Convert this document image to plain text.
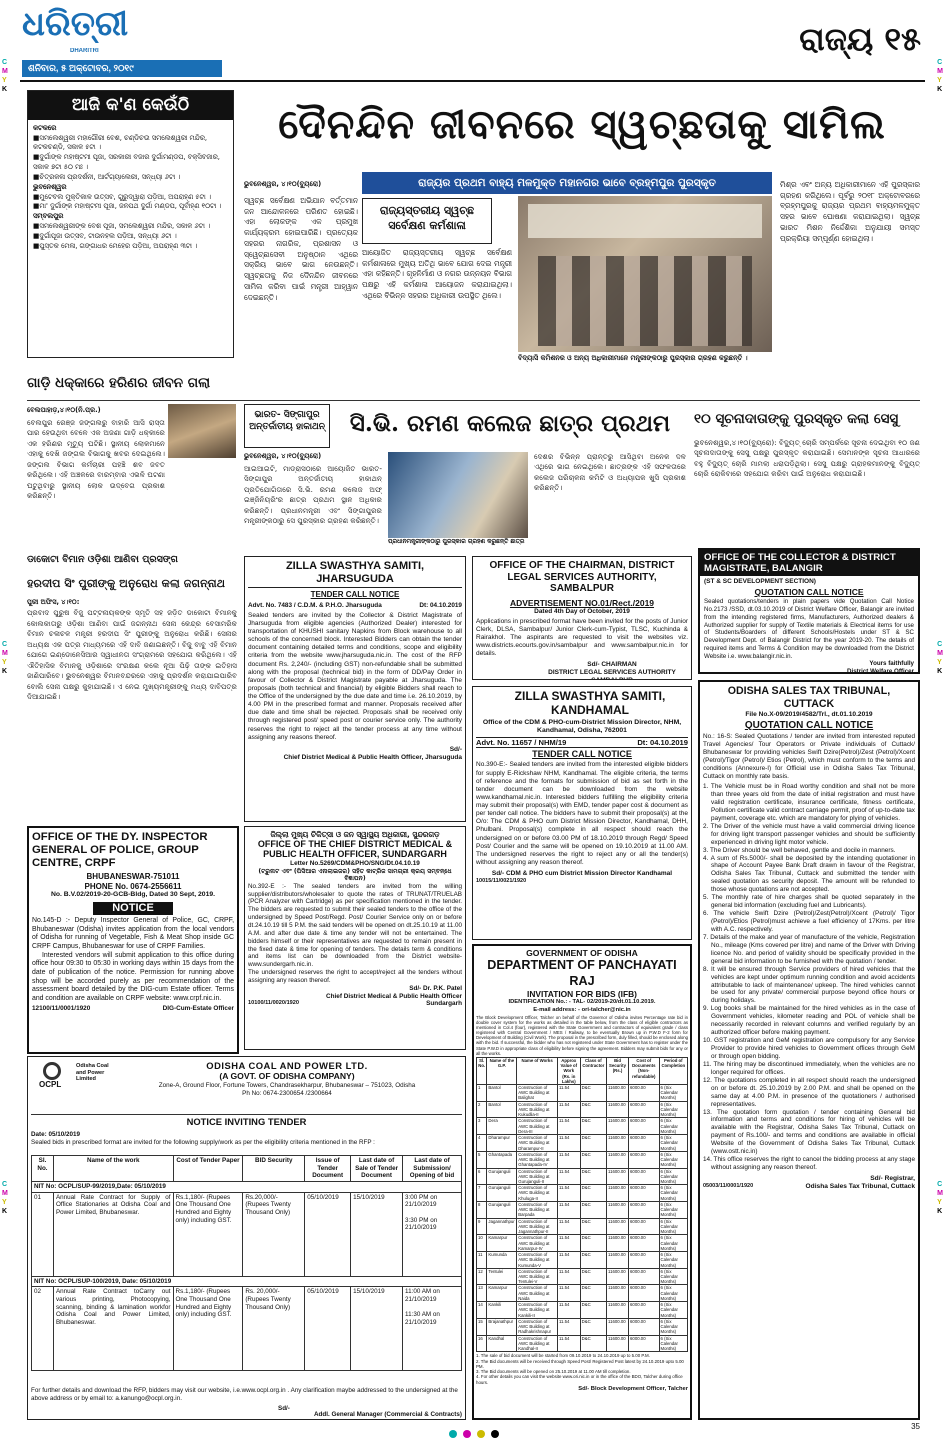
C
M
Y
K
C
M
Y
K
C
M
Y
K
C
M
Y
K
C
M
Y
K
C
M
Y
K
ଧରିତ୍ରୀ
DHARITRI
ଶନିବାର, ୫ ଅକ୍ଟୋବର, ୨୦୧୯
ରାଜ୍ୟ ୧୫
ଆଜି କ'ଣ କେଉଁଠି
କଟକରେ
■ସମଲେଶ୍ୱରୀ ମହାଗୌରୀ ବେଶ, ଚଣ୍ଡିଚଉ ସମଲେଶ୍ୱରୀ ମନ୍ଦିର, କଟକଚଣ୍ଡି, ସକାଳ ୫ଟା ।
■ଦୁର୍ଗାଙ୍କ ମହାଷ୍ଟମୀ ପୂଜା, ସରକାରୀ ବଜାର ଦୁର୍ଗାମଣ୍ଡପ, ବକ୍ସିବଜାର, ସକାଳ ୭ଟା ୫୦ ମଃ ।
■ଚିତ୍ରକଳା ପ୍ରଦର୍ଶନୀ, ଆର୍ଟଗ୍ୟାଲେରୀ, ସନ୍ଧ୍ୟା ୬ଟା ।
ଭୁବନେଶ୍ୱର
■ମୁଟେବଲ ମୁକ୍ତିକାଳ ଉତ୍ସବ, ଗୁରୁଦ୍ୱାରା ପଡ଼ିଆ, ଅପରାହ୍ଣ ୫ଟା ।
■ମା' ଦୁର୍ଗାଙ୍କ ମହାଷ୍ଟମୀ ପୂଜା, ଜନପଥ ଦୁର୍ଗା ମଣ୍ଡପ, ପୂର୍ବାହ୍ଣ ୧୦ଟା ।
ସମ୍ବଲପୁର
■ସମଲେଶ୍ୱରୀଙ୍କ ବେଶ ପୂଜା, ସମଲେଶ୍ୱରୀ ମନ୍ଦିର, ସକାଳ ୬ଟା ।
■ଦୁର୍ଗାପୂଜା ଉତ୍ସବ, ଟାଉନହଲ ପଡ଼ିଆ, ସନ୍ଧ୍ୟା ୬ଟା ।
■ପୁସ୍ତକ ମେଳା, ଗଙ୍ଗାଧର ମେହେର ପଡ଼ିଆ, ଅପରାହ୍ଣ ୩ଟା ।
ଦୈନନ୍ଦିନ ଜୀବନରେ ସ୍ୱଚ୍ଛତାକୁ ସାମିଲ
ରାଜ୍ୟର ପ୍ରଥମ ବାହ୍ୟ ମଳମୁକ୍ତ ମହାନଗର ଭାବେ ବ୍ରହ୍ମପୁର ପୁରସ୍କୃତ
ଭୁବନେଶ୍ୱର, ୪।୧୦(ବ୍ୟୁରୋ)
ସ୍ୱଚ୍ଛ ସର୍ବେକ୍ଷଣ ଅଭିଯାନ ବର୍ତ୍ତମାନ ଜନ ଆନ୍ଦୋଳନରେ ପରିଣତ ହୋଇଛି। ଏହା ଲୋକଙ୍କ ଏକ ପ୍ରମୁଖ କାର୍ଯ୍ୟକ୍ରମ ହୋଇପାରିଛି। ପ୍ରତ୍ୟେକ ସହରର ନାଗରିକ, ପ୍ରଶାସନ ଓ ସ୍ୱେଚ୍ଛାସେବୀ ଅନୁଷ୍ଠାନ ଏଥିରେ ସକ୍ରିୟ ଭାବେ ଭାଗ ନେଉଛନ୍ତି। ସ୍ୱଚ୍ଛତାକୁ ନିଜ ଦୈନନ୍ଦିନ ଜୀବନରେ ସାମିଲ କରିବା ପାଇଁ ମନ୍ତ୍ରୀ ଆହ୍ୱାନ ଦେଇଛନ୍ତି।
ରାଜ୍ୟସ୍ତରୀୟ ସ୍ୱଚ୍ଛ ସର୍ବେକ୍ଷଣ କର୍ମଶାଳା
ଆୟୋଜିତ ରାଜ୍ୟସ୍ତରୀୟ ସ୍ୱଚ୍ଛ ସର୍ବେକ୍ଷଣ କର୍ମଶାଳାରେ ମୁଖ୍ୟ ଅତିଥି ଭାବେ ଯୋଗ ଦେଇ ମନ୍ତ୍ରୀ ଏହା କହିଛନ୍ତି। ଗୃହନିର୍ମାଣ ଓ ନଗର ଉନ୍ନୟନ ବିଭାଗ ପକ୍ଷରୁ ଏହି କର୍ମଶାଳା ଆୟୋଜନ କରାଯାଇଥିଲା। ଏଥିରେ ବିଭିନ୍ନ ସହରର ଅଧିକାରୀ ଉପସ୍ଥିତ ଥିଲେ।
ବିଦ୍ୟାସି କମିଶନର ଓ ଅନ୍ୟ ଅଧିକାରୀମାନେ ମନ୍ତ୍ରୀଙ୍କଠାରୁ ପୁରସ୍କାର ଗ୍ରହଣ କରୁଛନ୍ତି ।
ମିଶ୍ର ଏବଂ ଅନ୍ୟ ଅଧିକାରୀମାନେ ଏହି ପୁରସ୍କାର ଗ୍ରହଣ କରିଥିଲେ। ପୂର୍ବରୁ ୨୦୧୮ ଅକ୍ଟୋବରରେ ବ୍ରହ୍ମପୁରକୁ ରାଜ୍ୟର ପ୍ରଥମ ବାହ୍ୟମଳମୁକ୍ତ ସହର ଭାବେ ଘୋଷଣା କରାଯାଇଥିଲା। ସ୍ୱଚ୍ଛ ଭାରତ ମିଶନ ନିର୍ଦ୍ଦେଶିକା ଅନୁଯାୟୀ ସମସ୍ତ ପ୍ରକ୍ରିୟା ସମ୍ପୂର୍ଣ୍ଣ ହୋଇଥିଲା।
ଗାଡ଼ି ଧକ୍କାରେ ହରିଣର ଜୀବନ ଗଲା
ବେଲପାହାଡ଼,୪।୧୦(ନି.ପ୍ର.)
ବେଲପୁର ରେଞ୍ଜ ଜଙ୍ଗଲରୁ ବାହାରି ଆସି ରାସ୍ତା ପାର ହେଉଥିବା ବେଳେ ଏକ ଅଜଣା ଗାଡ଼ି ଧକ୍କାରେ ଏକ ହରିଣର ମୃତ୍ୟୁ ଘଟିଛି। ସ୍ଥାନୀୟ ଲୋକମାନେ ଏହାକୁ ଦେଖି ଜଙ୍ଗଲ ବିଭାଗକୁ ଖବର ଦେଇଥିଲେ। ଜଙ୍ଗଲ ବିଭାଗ କର୍ମଚାରୀ ପହଞ୍ଚି ଶବ ଜବତ କରିଥିଲେ। ଏହି ଅଞ୍ଚଳରେ ବାରମ୍ବାର ଏଭଳି ଘଟଣା ଘଟୁଥିବାରୁ ସ୍ଥାନୀୟ ଲୋକ ଉଦ୍ବେଗ ପ୍ରକାଶ କରିଛନ୍ତି।
ଭାରତ- ସିଙ୍ଗାପୁର ଅନ୍ତର୍ଜାତୀୟ ହାକାଥନ୍	ସି.ଭି. ରମଣ କଲେଜ ଛାତ୍ର ପ୍ରଥମ
ଭୁବନେଶ୍ୱର, ୪।୧୦(ବ୍ୟୁରୋ)
ଆଇଆଇଟି, ମାଡ୍ରାସଠାରେ ଆୟୋଜିତ ଭାରତ-ସିଙ୍ଗାପୁର ଅନ୍ତର୍ଜାତୀୟ ହାକାଥନ୍ ପ୍ରତିଯୋଗିତାରେ ସି.ଭି. ରମଣ କଲେଜ ଅଫ୍ ଇଞ୍ଜିନିୟରିଂର ଛାତ୍ର ପ୍ରଥମ ସ୍ଥାନ ଅଧିକାର କରିଛନ୍ତି। ପ୍ରଧାନମନ୍ତ୍ରୀ ଏବଂ ସିଙ୍ଗାପୁରର ମନ୍ତ୍ରୀଙ୍କଠାରୁ ସେ ପୁରସ୍କାର ଗ୍ରହଣ କରିଛନ୍ତି।
ପ୍ରଧାନମନ୍ତ୍ରୀଙ୍କଠାରୁ ପୁରସ୍କାର ଗ୍ରହଣ କରୁଛନ୍ତି ଛାତ୍ର
ଦେଶର ବିଭିନ୍ନ ପ୍ରାନ୍ତରୁ ଆସିଥିବା ଅନେକ ଦଳ ଏଥିରେ ଭାଗ ନେଇଥିଲେ। ଛାତ୍ରଙ୍କ ଏହି ସଫଳତାରେ କଲେଜ ପରିଚାଳନା କମିଟି ଓ ଅଧ୍ୟାପକ ଖୁସି ପ୍ରକାଶ କରିଛନ୍ତି।
୧୦ ସୂଚନାଦାତାଙ୍କୁ ପୁରସ୍କୃତ କଲା ସେସୁ
ଭୁବନେଶ୍ୱର,୪।୧୦(ବ୍ୟୁରୋ): ବିଦ୍ୟୁତ୍ ଚୋରି ସମ୍ପର୍କରେ ସୂଚନା ଦେଇଥିବା ୧୦ ଜଣ ସୂଚନାଦାତାଙ୍କୁ ସେସୁ ପକ୍ଷରୁ ପୁରସ୍କୃତ କରାଯାଇଛି। ସେମାନଙ୍କ ସୂଚନା ଆଧାରରେ ବହୁ ବିଦ୍ୟୁତ୍ ଚୋରି ମାମଲା ଧରାପଡ଼ିଥିଲା। ସେସୁ ପକ୍ଷରୁ ଗ୍ରାହକମାନଙ୍କୁ ବିଦ୍ୟୁତ୍ ଚୋରି ରୋକିବାରେ ସହଯୋଗ କରିବା ପାଇଁ ଅନୁରୋଧ କରାଯାଇଛି।
ଡାକୋଟା ବିମାନ ଓଡ଼ିଶା ଆଣିବା ପ୍ରସଙ୍ଗ
ହରଦୀପ ସିଂ ପୁରୀଙ୍କୁ ଅନୁରୋଧ କଲା ଜଗନ୍ନାଥ
ପୁରୀ ଅଫିସ, ୪।୧୦:
ପ୍ରବାଦ ପୁରୁଷ ବିଜୁ ପଟ୍ଟନାୟକଙ୍କ ସ୍ମୃତି ସହ ଜଡ଼ିତ ଡାକୋଟା ବିମାନକୁ କୋଲକାତାରୁ ଓଡ଼ିଶା ଆଣିବା ପାଇଁ ଜଗନ୍ନାଥ ସେନା କେନ୍ଦ୍ର ବେସାମରିକ ବିମାନ ଚଳାଚଳ ମନ୍ତ୍ରୀ ହରଦୀପ ସିଂ ପୁରୀଙ୍କୁ ଅନୁରୋଧ କରିଛି। ସେନାର ଅଧ୍ୟକ୍ଷ ଏକ ପତ୍ର ମାଧ୍ୟମରେ ଏହି ଦାବି ଜଣାଇଛନ୍ତି। ବିଜୁ ବାବୁ ଏହି ବିମାନ ଯୋଗେ ଇଣ୍ଡୋନେସିଆର ସ୍ୱାଧୀନତା ସଂଗ୍ରାମରେ ସହଯୋଗ କରିଥିଲେ। ଏହି ଐତିହାସିକ ବିମାନକୁ ଓଡ଼ିଶାରେ ସଂରକ୍ଷଣ କଲେ ନୂଆ ପିଢ଼ି ତାଙ୍କ ଇତିହାସ ଜାଣିପାରିବେ। ଭୁବନେଶ୍ୱର ବିମାନବନ୍ଦରରେ ଏହାକୁ ପ୍ରଦର୍ଶନ କରାଯାଇପାରିବ ବୋଲି ସେନା ପକ୍ଷରୁ କୁହାଯାଇଛି। ଏ ନେଇ ମୁଖ୍ୟମନ୍ତ୍ରୀଙ୍କୁ ମଧ୍ୟ ଦାବିପତ୍ର ଦିଆଯାଇଛି।
ZILLA SWASTHYA SAMITI, JHARSUGUDA
TENDER CALL NOTICE
Advt. No. 7483 / C.D.M. & P.H.O. Jharsuguda	Dt: 04.10.2019
Sealed tenders are invited by the Collector & District Magistrate of Jharsuguda from eligible agencies (Authorized Dealer) interested for transportation of KHUSHI sanitary Napkins from Block warehouse to all schools of the concerned block. Interested Bidders can obtain the tender document containing detailed terms and conditions, scope and eligibility criteria from the website www.jharsuguda.nic.in. The cost of the RFP document Rs. 2,240/- (including GST) non-refundable shall be submitted along with the proposal (technical bid) in the form of DD/Pay Order in favour of Collector & District Magistrate payable at Jharsuguda. The proposals (both technical and financial) by eligible Bidders shall reach to the Office of the undersigned by the due date and time i.e. 26.10.2019, by 4.00 PM in the prescribed format and manner. Proposals received after due date and time shall be rejected. Proposals shall be received only through registered post/ speed post or courier service only. The authority reserves the right to reject all the tender process at any time without assigning any reasons thereof.
Sd/-
Chief District Medical & Public Health Officer, Jharsuguda
OFFICE OF THE CHAIRMAN, DISTRICT LEGAL SERVICES AUTHORITY, SAMBALPUR
ADVERTISEMENT NO.01/Rect./2019
Dated 4th Day of October, 2019
Applications in prescribed format have been invited for the posts of Junior Clerk, DLSA, Sambalpur/ Junior Clerk-cum-Typist, TLSC, Kuchinda & Rairakhol. The aspirants are requested to visit the websites viz. www.districts.ecourts.gov.in/sambalpur and www.sambalpur.nic.in for details.
Sd/- CHAIRMAN
DISTRICT LEGAL SERVICES AUTHORITY
OFFICE OF THE COLLECTOR & DISTRICT MAGISTRATE, BALANGIR
(ST & SC DEVELOPMENT SECTION)
QUOTATION CALL NOTICE
Sealed quotations/tenders in plain papers vide Quotation Call Notice No.2173 /SSD, dt.03.10.2019 of District Welfare Officer, Balangir are invited from the intending registered firms, Manufacturers, Authorized dealers & Authorized supplier for supply of Textile materials & Electrical items for use of Students/Boarders of different Schools/Hostels under ST & SC Development Dept. of Balangir District for the year 2019-20. The details of required items and Terms & Condition may be downloaded from the District Website i.e. www.balangir.nic.in.
Yours faithfully
District Welfare Officer
ZILLA SWASTHYA SAMITI, KANDHAMAL
Office of the CDM & PHO-cum-District Mission Director, NHM, Kandhamal, Odisha, 762001
Advt. No. 11657 / NHM/19	Dt: 04.10.2019
TENDER CALL NOTICE
No.390-E:- Sealed tenders are invited from the interested eligible bidders for supply E-Rickshaw NHM, Kandhamal. The eligible criteria, the terms of reference and the formats for submission of bid as set forth in the tender document can be downloaded from the website www.kandhamal.nic.in. Interested bidders fulfilling the eligibility criteria may submit their proposal(s) with EMD, tender paper cost & document as per tender call notice. The bidders have to submit their proposal(s) at the O/o: The CDM & PHO cum District Mission Director, Kandhamal, DHH, Phulbani. Proposal(s) complete in all respect should reach the undersigned on or before 03.00 PM of 18.10.2019 through Regd/ Speed Post/ Courier and the same will be opened on 19.10.2019 at 11.00 AM. The undersigned reserves the right to reject any or all the tender(s) without assigning any reason thereof.
Sd/- CDM & PHO cum District Mission Director Kandhamal
10015/11/0021/1920
ODISHA SALES TAX TRIBUNAL, CUTTACK
File No.X-09/2019/4582/Trl., dt.01.10.2019
QUOTATION CALL NOTICE
No.: 16-S: Sealed Quotations / tender are invited from interested reputed Travel Agencies/ Tour Operators or Private individuals of Cuttack/ Bhubaneswar for providing vehicles Swift Dzire(Petrol)/Zest (Petrol)/Xcent (Petrol)/Tigor (Petrol)/ Etios (Petrol), which must conform to the terms and conditions (Annexure-I) for Official use in Odisha Sales Tax Tribunal, Cuttack on monthly rate basis.
1. The Vehicle must be in Road worthy condition and shall not be more than three years old from the date of initial registration and must have valid registration certificate, insurance certificate, fitness certificate, Pollution certificate valid contract carriage permit, proof of up-to-date tax payment, coverage etc. which are mandatory for plying of vehicles.
2. The Driver of the vehicle must have a valid commercial driving licence for driving light transport passenger vehicles and should be sufficiently experienced in driving light motor vehicle.
3. The Driver should be well behaved, gentle and docile in manners.
4. A sum of Rs.5000/- shall be deposited by the intending quotationer in shape of Account Payee Bank Draft drawn in favour of the Registrar, Odisha Sales Tax Tribunal, Cuttack and submitted the tender with sealed quotation as security deposit. The amount will be refunded to those whose quotations are not accepted.
5. The monthly rate of hire charges shall be quoted separately in the general bid information (excluding fuel and Lubricants).
6. The vehicle Swift Dzire (Petrol)/Zest(Petrol)/Xcent (Petrol)/ Tigor (Petrol)/Etios (Petrol)must achieve a fuel efficiency of 17Kms. per litre with A.C. respectively.
7. Details of the make and year of manufacture of the vehicle, Registration No., mileage (Kms covered per litre) and name of the Driver with Driving licence No. and period of validity should be specifically provided in the general bid information to be furnished with the quotation / tender.
8. It will be ensured through Service providers of hired vehicles that the vehicles are kept under optimum running condition and avoid accidents attributable to lack of maintenance/ upkeep. The hired vehicles cannot be used for any private/ commercial purpose beyond office hours or during holidays.
9. Log books shall be maintained for the hired vehicles as in the case of Government vehicles, kilometer reading and POL of vehicle shall be necessarily recorded in relevant columns and verified regularly by an authorized officer before making payment.
10. GST registration and GeM registration are compulsory for any Service Provider to provide hired vehicles to Government offices through GeM or through open bidding.
11. The hiring may be discontinued immediately, when the vehicles are no longer required for offices.
12. The quotations completed in all respect should reach the undersigned on or before dt. 25.10.2019 by 2.00 P.M. and shall be opened on the same day at 4.00 P.M. in presence of the quotationers / authorised representatives.
13. The quotation form quotation / tender containing General bid information and terms and conditions for hiring of vehicles will be available with the Registrar, Odisha Sales Tax Tribunal, Cuttack on payment of Rs.100/- and terms and conditions are available in official Website of the Government of Odisha Sales Tax Tribunal, Cuttack (www.ostt.nic.in)
14. This office reserves the right to cancel the bidding process at any stage without assigning any reason thereof.
Sd/- Registrar,
05003/11/0001/1920	Odisha Sales Tax Tribunal, Cuttack
OFFICE OF THE DY. INSPECTOR GENERAL OF POLICE, GROUP CENTRE, CRPF
BHUBANESWAR-751011
PHONE No. 0674-2556611
No. B.V.02/2019-20-GCB-Bldg, Dated 30 Sept, 2019.
NOTICE
No.145-D :- Deputy Inspector General of Police, GC, CRPF, Bhubaneswar (Odisha) invites application from the local vendors of Odisha for running of Vegetable, Fish & Meat Shop inside GC CRPF Campus, Bhubaneswar for use of CRPF Families.
Interested vendors will submit application to this office during office hour 09:30 to 05:30 in working days within 15 days from the date of publication of the notice. Permission for running above shop will be accorded purely as per recommendation of the assessment board detailed by the DIG-cum Estate officer. Terms and condition are available on CRPF website: www.crpf.nic.in.
12100/11/0001/1920	DIG-Cum-Estate Officer
ଜିଲ୍ଲା ମୁଖ୍ୟ ଚିକିତ୍ସା ଓ ଜନ ସ୍ୱାସ୍ଥ୍ୟ ଅଧିକାରୀ, ସୁନ୍ଦରଗଡ଼
OFFICE OF THE CHIEF DISTRICT MEDICAL & PUBLIC HEALTH OFFICER, SUNDARGARH
Letter No.5269/CDM&PHO/SNG/Dt.04.10.19
(ଟ୍ରୁନାଟ ଏବଂ (ପିସିଆର ଏନାଲାଇଜର) ସହିତ କାଟ୍ରିଜ ସାମଗ୍ରୀ କ୍ରୟ ସମ୍ବନ୍ଧେ ବିଜ୍ଞାପନ)
No.392-E :- The sealed tenders are invited from the willing supplier/distributors/wholesaler to quote the rates of TRUNAT/TRUELAB (PCR Analyzer with Cartridge) as per specification mentioned in the tender. The bidders are requested to submit their sealed tenders to the office of the undersigned by Speed Post/Regd. Post/ Courier Service only on or before dt.24.10.19 till 5 P.M. the said tenders will be opened on dt.25.10.19 at 11.00 A.M. and after due date & time any tender will not be entertained. The bidders himself or their representatives are requested to remain present in the fixed date & time for opening of tenders. The details term & conditions and items list can be downloaded from the District website- www.sundergarh.nic.in.
The undersigned reserves the right to accept/reject all the tenders without assigning any reason thereof.
Sd/- Dr. P.K. Patel
Chief District Medical & Public Health Officer
10100/11/0020/1920	Sundargarh
GOVERNMENT OF ODISHA
DEPARTMENT OF PANCHAYATI RAJ
INVITATION FOR BIDS (IFB)
IDENTIFICATION No.: - TAL- 02/2019-20/dt.01.10.2019.
E-mail address: - ori-talcher@nic.in
The Block Development Officer, Talcher on behalf of the Governor of Odisha invites Percentage rate bid in double cover system for the works as detailed in the table below, from the class of eligible contractors as mentioned in Col.4 (four), registered with the State Government and contractors of equivalent grade / class registered with Central Government / MES / Railway, to be eventually Brown up in P.W.D F-2 form for Development of Building (Civil Work). The proposal in the prescribed form, duly filled, should be enclosed along with the bid. If successful, the bidder who has not registered under State Government has to register under the State P.W.D in appropriate class of eligibility before signing the agreement. Bidders may submit bids for any or all the works.
Sl. No.	Name of the G.P.	Name of Works	Approx Value of Work (Rs. in Lakhs)	Class of Contractor	Bid Security (Rs.)	Cost of Documents (Non-refundable)	Period of Completion
1	Bantol	Construction of AWC Building at Balighat	11.54	D&C	11600.00	6000.00	6 (Six Calendar Months)
2	Bantol	Construction of AWC Building at Kukudlia-II	11.54	D&C	11600.00	6000.00	6 (Six Calendar Months)
3	Dera	Construction of AWC Building at Dera-III	11.54	D&C	11600.00	6000.00	6 (Six Calendar Months)
4	Dharampur	Construction of AWC Building at Dharampur-II	11.54	D&C	11600.00	6000.00	6 (Six Calendar Months)
5	Ghantapada	Construction of AWC Building at Ghantapada-IV	11.54	D&C	11600.00	6000.00	6 (Six Calendar Months)
6	Gurujanguli	Construction of AWC Building at Gurujanguli-II	11.54	D&C	11600.00	6000.00	6 (Six Calendar Months)
7	Gurujanguli	Construction of AWC Building at Khuluga-II	11.54	D&C	11600.00	6000.00	6 (Six Calendar Months)
8	Gurujanguli	Construction of AWC Building at Barpada	11.54	D&C	11600.00	6000.00	6 (Six Calendar Months)
9	Jagannathpur	Construction of AWC Building at Jagannathpur-II	11.54	D&C	11600.00	6000.00	6 (Six Calendar Months)
10	Kamarpur	Construction of AWC Building at Kamarpur-IV	11.54	D&C	11600.00	6000.00	6 (Six Calendar Months)
11	Kumunda	Construction of AWC Building at Kumunda-V	11.54	D&C	11600.00	6000.00	6 (Six Calendar Months)
12	Tentulei	Construction of AWC Building at Tentulei-V	11.54	D&C	11600.00	6000.00	6 (Six Calendar Months)
13	Kamarpur	Construction of AWC Building at Naida	11.54	D&C	11600.00	6000.00	6 (Six Calendar Months)
14	Kankili	Construction of AWC Building at Kankili-II	11.54	D&C	11600.00	6000.00	6 (Six Calendar Months)
15	Brajanathpur	Construction of AWC Building at Radhakrishnapur	11.54	D&C	11600.00	6000.00	6 (Six Calendar Months)
16	Kandhal	Construction of AWC Building at Kandhal-II	11.54	D&C	11600.00	6000.00	6 (Six Calendar Months)
1. The sale of bid document will be started from 09.10.2019 to 24.10.2019 up to 5.00 P.M.
2. The Bid documents will be received through Speed Post/ Registered Post latest by 24.10.2019 upto 5.00 PM.
3. The Bid documents will be opened on 25.10.2019 at 11.00 AM till completion.
4. For other details you can visit the website www.ori.nic.in or in the office of the BDO, Talcher during office hours.
Sd/- Block Development Officer, Talcher
OCPL
Odisha Coal and Power Limited
ODISHA COAL AND POWER LTD.
(A GOVT. OF ODISHA COMPANY)
Zone-A, Ground Floor, Fortune Towers, Chandrasekharpur, Bhubaneswar – 751023, Odisha
Ph No: 0674-2300654 /2300664
NOTICE INVITING TENDER
Date: 05/10/2019
Sealed bids in prescribed format are invited for the following supply/work as per the eligibility criteria mentioned in the RFP :
Sl. No.	Name of the work	Cost of Tender Paper	BID Security	Issue of Tender Document	Last date of Sale of Tender Document	Last date of Submission/ Opening of bid
NIT No: OCPL/SUP-99/2019,Date: 05/10/2019						
01	Annual Rate Contract for Supply of Office Stationaries at Odisha Coal and Power Limited, Bhubaneswar.	Rs.1,180/- (Rupees One Thousand One Hundred and Eighty only) including GST.	Rs.20,000/- (Rupees Twenty Thousand Only)	05/10/2019	15/10/2019	3:00 PM on 21/10/2019

3:30 PM on 21/10/2019
NIT No: OCPL/SUP-100/2019, Date: 05/10/2019						
02	Annual Rate Contract toCarry out various printing, Photocopying, scanning, binding & lamination workfor Odisha Coal and Power Limited, Bhubaneswar.	Rs.1,180/- (Rupees One Thousand One Hundred and Eighty only) including GST.	Rs. 20,000/- (Rupees Twenty Thousand Only)	05/10/2019	15/10/2019	11:00 AM on 21/10/2019

11:30 AM on 21/10/2019
For further details and download the RFP, bidders may visit our website, i.e.www.ocpl.org.in . Any clarification maybe addressed to the undersigned at the above address or by email to: a.kanungo@ocpl.org.in.
Sd/-
Addl. General Manager (Commercial & Contracts)
35
